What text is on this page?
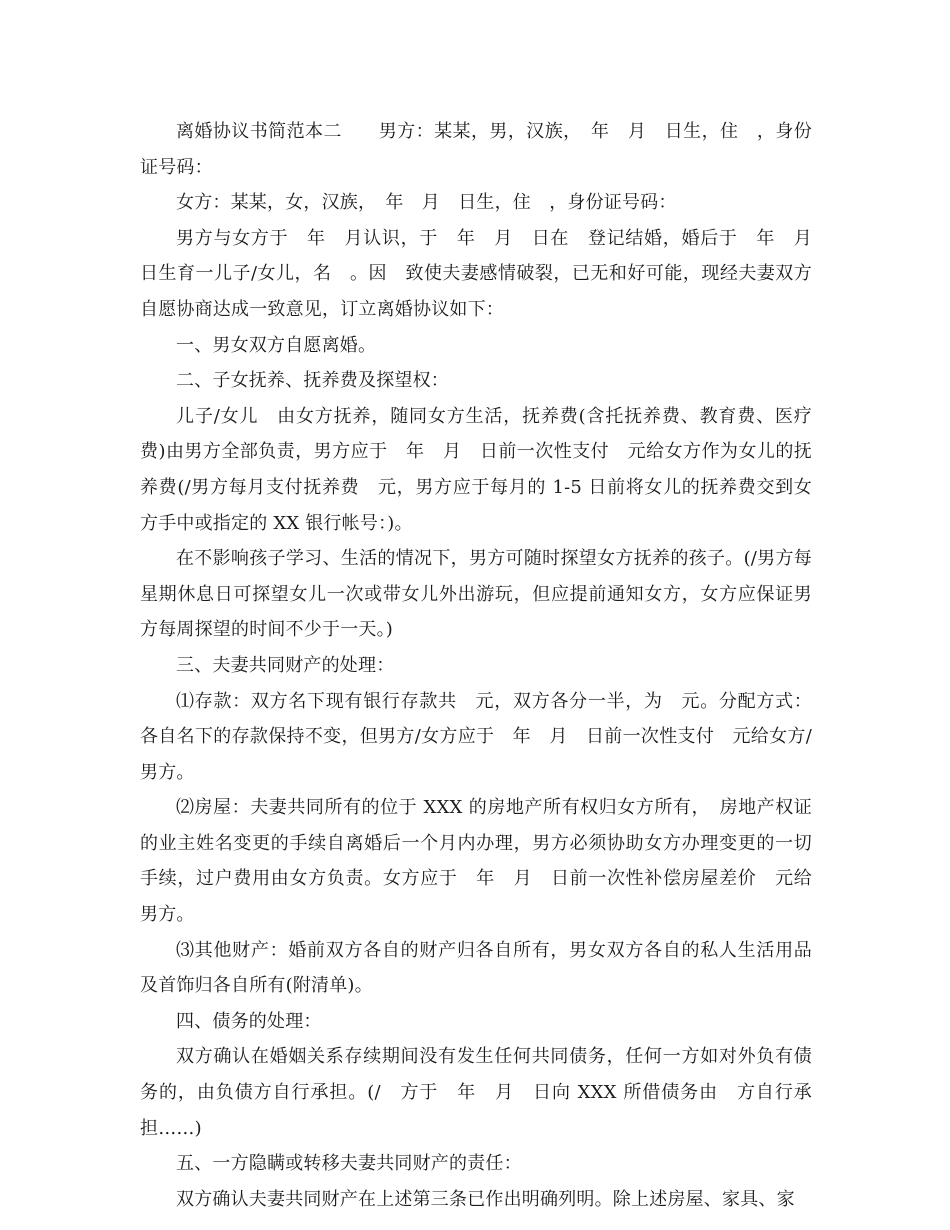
离婚协议书简范本二　　男方：某某，男，汉族，　年　月　日生，住　，身份证号码：

女方：某某，女，汉族，　年　月　日生，住　，身份证号码：

男方与女方于　年　月认识，于　年　月　日在　登记结婚，婚后于　年　月　日生育一儿子/女儿，名　。因　致使夫妻感情破裂，已无和好可能，现经夫妻双方自愿协商达成一致意见，订立离婚协议如下：

一、男女双方自愿离婚。

二、子女抚养、抚养费及探望权：

儿子/女儿　由女方抚养，随同女方生活，抚养费(含托抚养费、教育费、医疗费)由男方全部负责，男方应于　年　月　日前一次性支付　元给女方作为女儿的抚养费(/男方每月支付抚养费　元，男方应于每月的 1-5 日前将女儿的抚养费交到女方手中或指定的 XX 银行帐号：)。

在不影响孩子学习、生活的情况下，男方可随时探望女方抚养的孩子。(/男方每星期休息日可探望女儿一次或带女儿外出游玩，但应提前通知女方，女方应保证男方每周探望的时间不少于一天。)

三、夫妻共同财产的处理：

⑴存款：双方名下现有银行存款共　元，双方各分一半，为　元。分配方式：各自名下的存款保持不变，但男方/女方应于　年　月　日前一次性支付　元给女方/男方。

⑵房屋：夫妻共同所有的位于 XXX 的房地产所有权归女方所有，　房地产权证的业主姓名变更的手续自离婚后一个月内办理，男方必须协助女方办理变更的一切手续，过户费用由女方负责。女方应于　年　月　日前一次性补偿房屋差价　元给男方。

⑶其他财产：婚前双方各自的财产归各自所有，男女双方各自的私人生活用品及首饰归各自所有(附清单)。

四、债务的处理：

双方确认在婚姻关系存续期间没有发生任何共同债务，任何一方如对外负有债务的，由负债方自行承担。(/　方于　年　月　日向 XXX 所借债务由　方自行承担……)

五、一方隐瞒或转移夫妻共同财产的责任：

双方确认夫妻共同财产在上述第三条已作出明确列明。除上述房屋、家具、家
